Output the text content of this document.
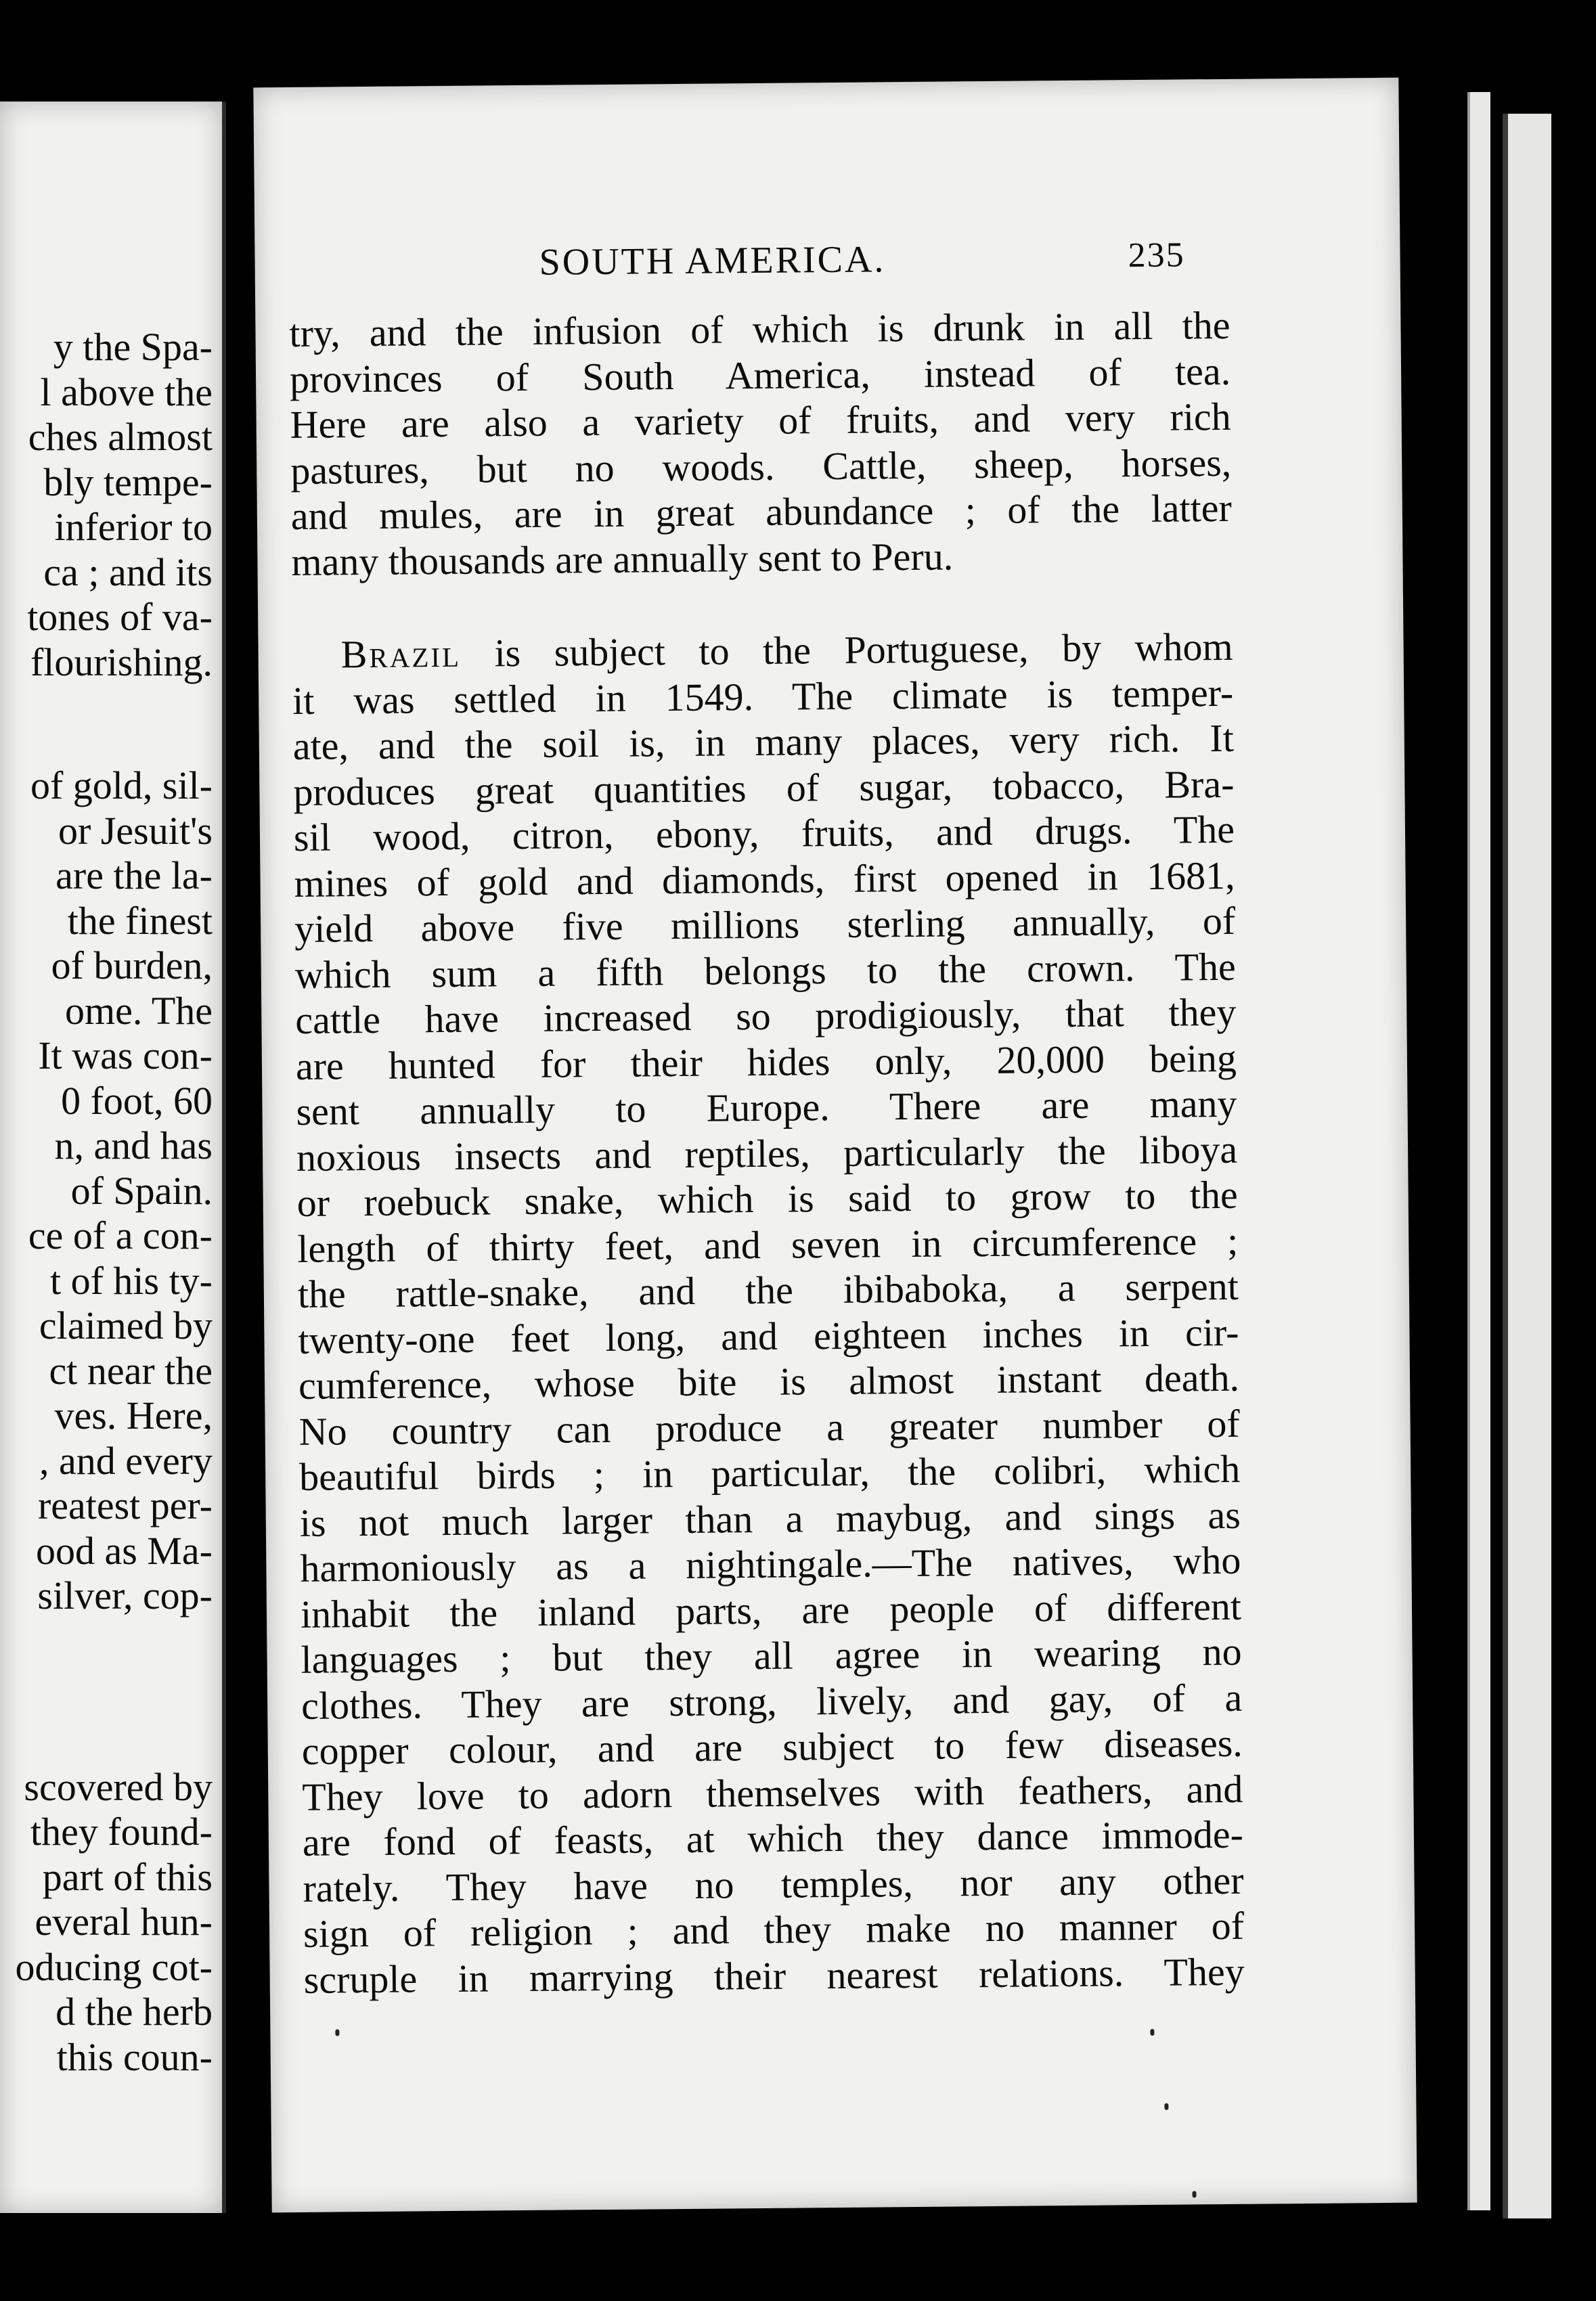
y the Spa-
l above the
ches almost
bly tempe-
inferior to
ca ; and its
tones of va-
flourishing.
of gold, sil-
or Jesuit's
are the la-
the finest
of burden,
ome. The
It was con-
0 foot, 60
n, and has
of Spain.
ce of a con-
t of his ty-
claimed by
ct near the
ves. Here,
, and every
reatest per-
ood as Ma-
silver, cop-
scovered by
they found-
part of this
everal hun-
oducing cot-
d the herb
this coun-
SOUTH AMERICA.	235
try, and the infusion of which is drunk in all the
provinces of South America, instead of tea.
Here are also a variety of fruits, and very rich
pastures, but no woods. Cattle, sheep, horses,
and mules, are in great abundance ; of the latter
many thousands are annually sent to Peru.
Brazil is subject to the Portuguese, by whom
it was settled in 1549. The climate is temper-
ate, and the soil is, in many places, very rich. It
produces great quantities of sugar, tobacco, Bra-
sil wood, citron, ebony, fruits, and drugs. The
mines of gold and diamonds, first opened in 1681,
yield above five millions sterling annually, of
which sum a fifth belongs to the crown. The
cattle have increased so prodigiously, that they
are hunted for their hides only, 20,000 being
sent annually to Europe. There are many
noxious insects and reptiles, particularly the liboya
or roebuck snake, which is said to grow to the
length of thirty feet, and seven in circumference ;
the rattle-snake, and the ibibaboka, a serpent
twenty-one feet long, and eighteen inches in cir-
cumference, whose bite is almost instant death.
No country can produce a greater number of
beautiful birds ; in particular, the colibri, which
is not much larger than a maybug, and sings as
harmoniously as a nightingale.—The natives, who
inhabit the inland parts, are people of different
languages ; but they all agree in wearing no
clothes. They are strong, lively, and gay, of a
copper colour, and are subject to few diseases.
They love to adorn themselves with feathers, and
are fond of feasts, at which they dance immode-
rately. They have no temples, nor any other
sign of religion ; and they make no manner of
scruple in marrying their nearest relations. They
